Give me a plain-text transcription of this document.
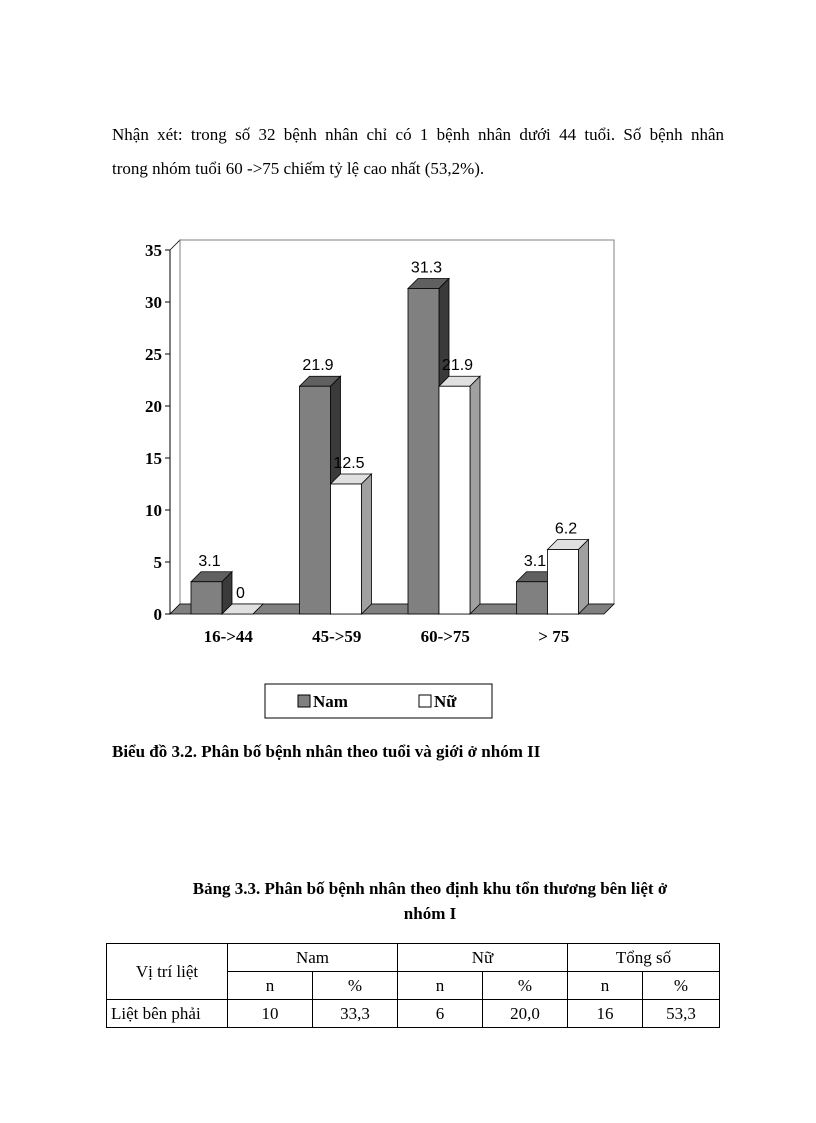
Nhận xét: trong số 32 bệnh nhân chỉ có 1 bệnh nhân dưới 44 tuổi. Số bệnh nhân
trong nhóm tuổi 60 ->75 chiếm tỷ lệ cao nhất (53,2%).

0
5
10
15
20
25
30
35
3.1
0
16->44
21.9
12.5
45->59
31.3
21.9
60->75
3.1
6.2
> 75
Nam	Nữ

Biểu đồ 3.2. Phân bố bệnh nhân theo tuổi và giới ở nhóm II

Bảng 3.3. Phân bố bệnh nhân theo định khu tổn thương bên liệt ở
nhóm I

Vị trí liệt	Nam		Nữ		Tổng số	
	n	%	n	%	n	%
Liệt bên phải	10	33,3	6	20,0	16	53,3
